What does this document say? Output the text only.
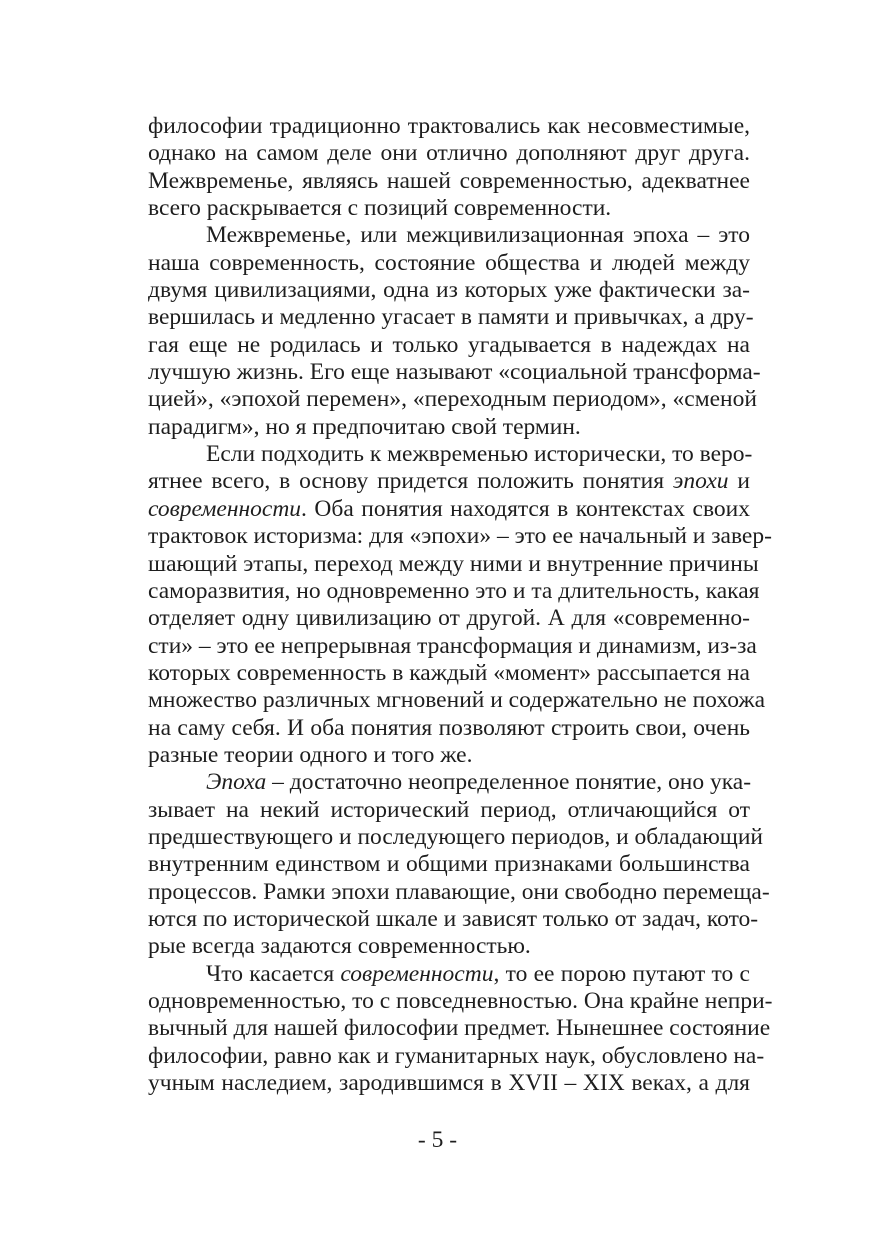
философии традиционно трактовались как несовместимые,
однако на самом деле они отлично дополняют друг друга.
Межвременье, являясь нашей современностью, адекватнее
всего раскрывается с позиций современности.
Межвременье, или межцивилизационная эпоха – это
наша современность, состояние общества и людей между
двумя цивилизациями, одна из которых уже фактически за-
вершилась и медленно угасает в памяти и привычках, а дру-
гая еще не родилась и только угадывается в надеждах на
лучшую жизнь. Его еще называют «социальной трансформа-
цией», «эпохой перемен», «переходным периодом», «сменой
парадигм», но я предпочитаю свой термин.
Если подходить к межвременью исторически, то веро-
ятнее всего, в основу придется положить понятия эпохи и
современности. Оба понятия находятся в контекстах своих
трактовок историзма: для «эпохи» – это ее начальный и завер-
шающий этапы, переход между ними и внутренние причины
саморазвития, но одновременно это и та длительность, какая
отделяет одну цивилизацию от другой. А для «современно-
сти» – это ее непрерывная трансформация и динамизм, из-за
которых современность в каждый «момент» рассыпается на
множество различных мгновений и содержательно не похожа
на саму себя. И оба понятия позволяют строить свои, очень
разные теории одного и того же.
Эпоха – достаточно неопределенное понятие, оно ука-
зывает на некий исторический период, отличающийся от
предшествующего и последующего периодов, и обладающий
внутренним единством и общими признаками большинства
процессов. Рамки эпохи плавающие, они свободно перемеща-
ются по исторической шкале и зависят только от задач, кото-
рые всегда задаются современностью.
Что касается современности, то ее порою путают то с
одновременностью, то с повседневностью. Она крайне непри-
вычный для нашей философии предмет. Нынешнее состояние
философии, равно как и гуманитарных наук, обусловлено на-
учным наследием, зародившимся в XVII – XIX веках, а для
- 5 -
